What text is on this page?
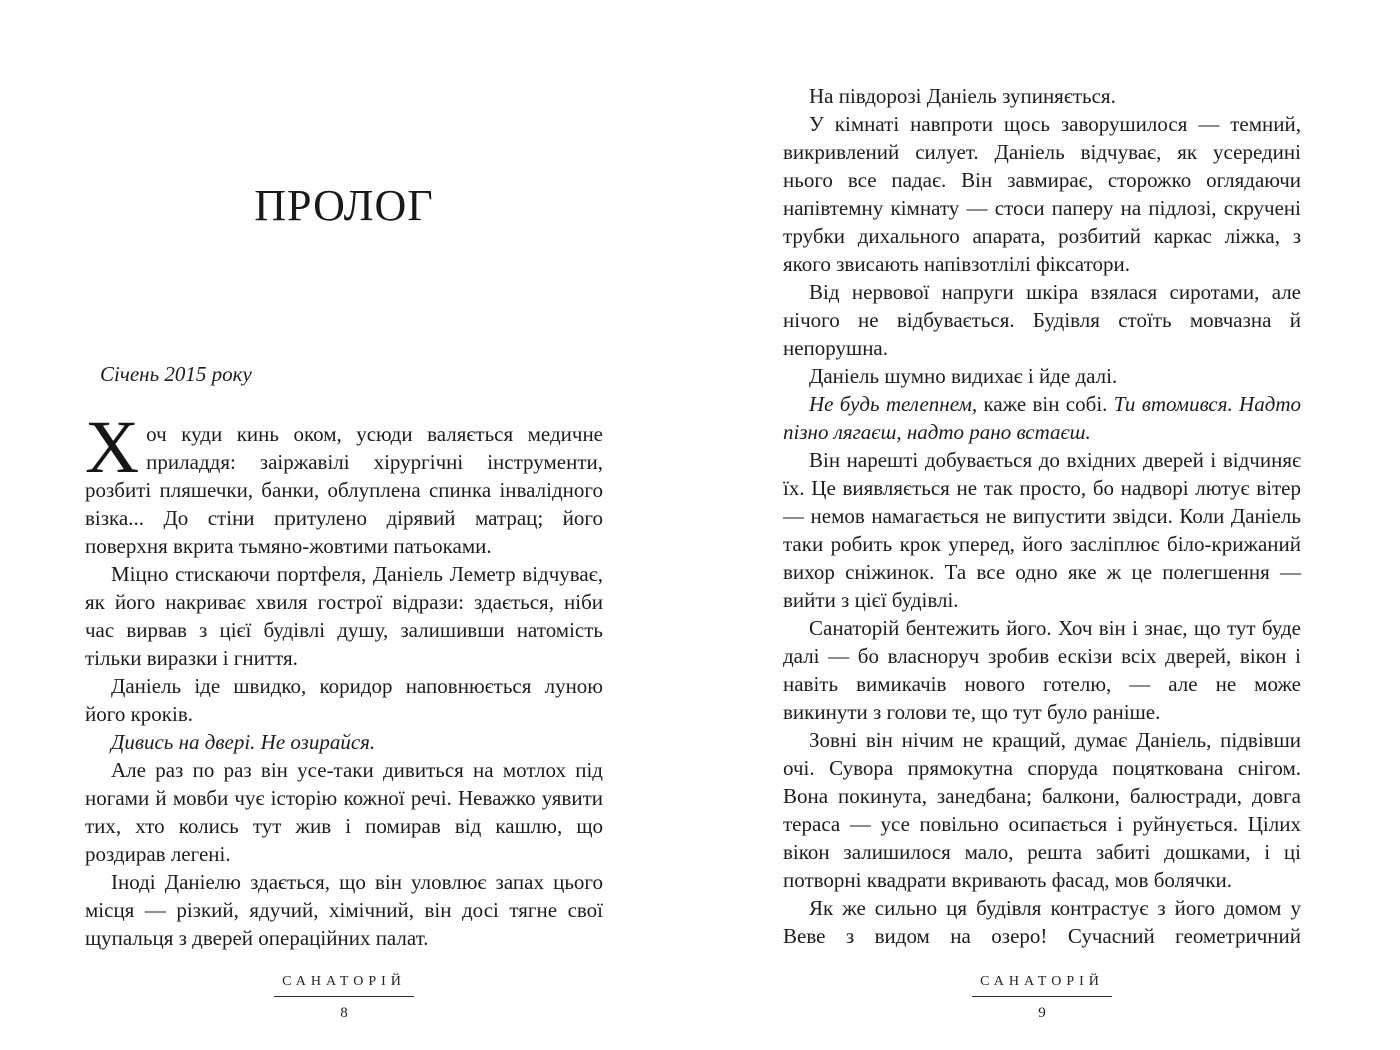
ПРОЛОГ

Січень 2015 року

Хоч куди кинь оком, усюди валяється медичне приладдя: заіржавілі хірургічні інструменти, розбиті пляшечки, банки, облуплена спинка інвалідного візка... До стіни притулено дірявий матрац; його поверхня вкрита тьмяно-жовтими патьоками.

Міцно стискаючи портфеля, Даніель Леметр відчуває, як його накриває хвиля гострої відрази: здається, ніби час вирвав з цієї будівлі душу, залишивши натомість тільки виразки і гниття.

Даніель іде швидко, коридор наповнюється луною його кроків.

Дивись на двері. Не озирайся.

Але раз по раз він усе-таки дивиться на мотлох під ногами й мовби чує історію кожної речі. Неважко уявити тих, хто колись тут жив і помирав від кашлю, що роздирав легені.

Іноді Даніелю здається, що він уловлює запах цього місця — різкий, ядучий, хімічний, він досі тягне свої щупальця з дверей операційних палат.

САНАТОРІЙ
8

На півдорозі Даніель зупиняється.

У кімнаті навпроти щось заворушилося — темний, викривлений силует. Даніель відчуває, як усередині нього все падає. Він завмирає, сторожко оглядаючи напівтемну кімнату — стоси паперу на підлозі, скручені трубки дихального апарата, розбитий каркас ліжка, з якого звисають напівзотлілі фіксатори.

Від нервової напруги шкіра взялася сиротами, але нічого не відбувається. Будівля стоїть мовчазна й непорушна.

Даніель шумно видихає і йде далі.

Не будь телепнем, каже він собі. Ти втомився. Надто пізно лягаєш, надто рано встаєш.

Він нарешті добувається до вхідних дверей і відчиняє їх. Це виявляється не так просто, бо надворі лютує вітер — немов намагається не випустити звідси. Коли Даніель таки робить крок уперед, його засліплює біло-крижаний вихор сніжинок. Та все одно яке ж це полегшення — вийти з цієї будівлі.

Санаторій бентежить його. Хоч він і знає, що тут буде далі — бо власноруч зробив ескізи всіх дверей, вікон і навіть вимикачів нового готелю, — але не може викинути з голови те, що тут було раніше.

Зовні він нічим не кращий, думає Даніель, підвівши очі. Сувора прямокутна споруда поцяткована снігом. Вона покинута, занедбана; балкони, балюстради, довга тераса — усе повільно осипається і руйнується. Цілих вікон залишилося мало, решта забиті дошками, і ці потворні квадрати вкривають фасад, мов болячки.

Як же сильно ця будівля контрастує з його домом у Веве з видом на озеро! Сучасний геометричний

САНАТОРІЙ
9
